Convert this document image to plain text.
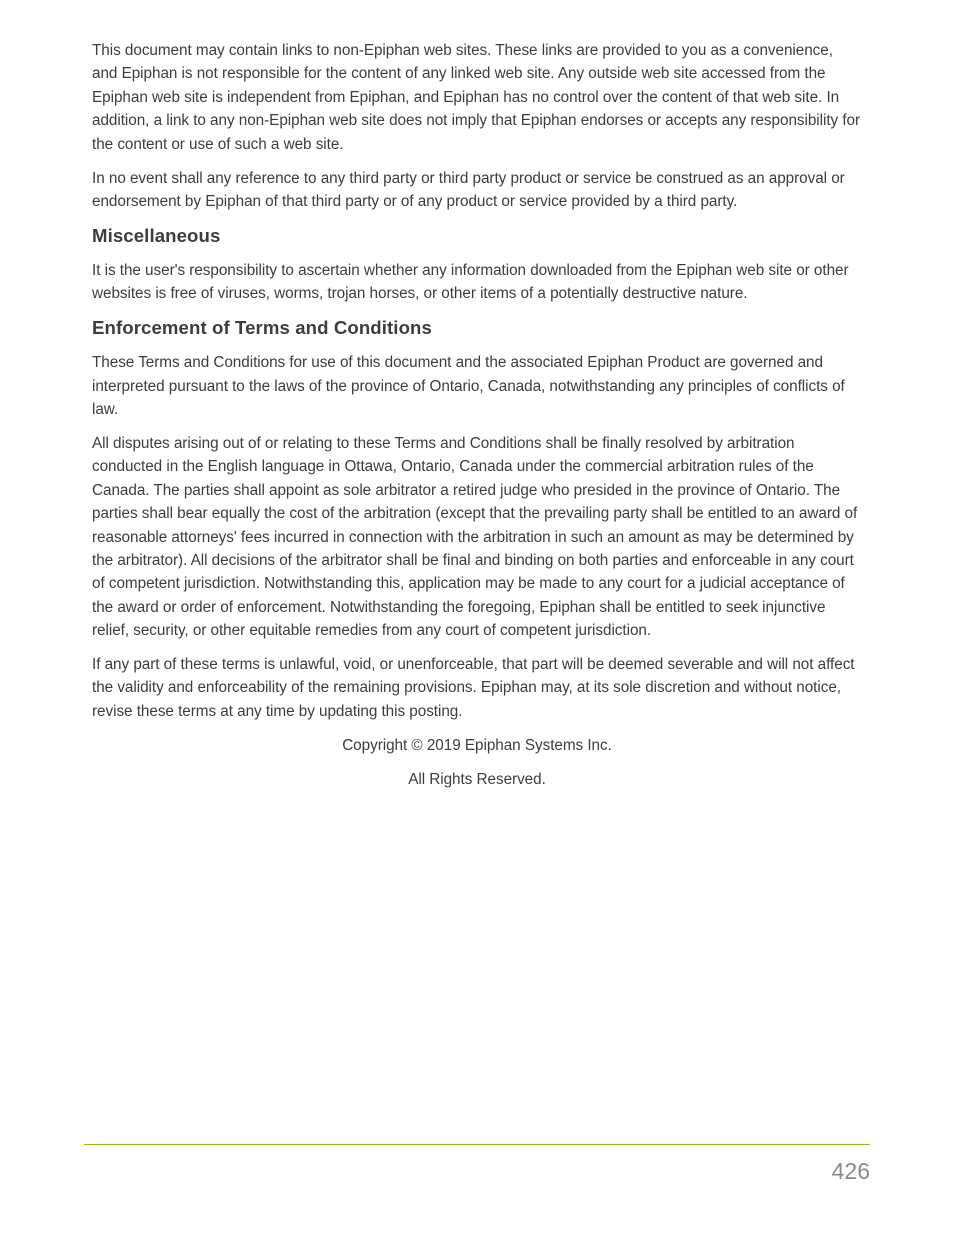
This document may contain links to non-Epiphan web sites. These links are provided to you as a convenience, and Epiphan is not responsible for the content of any linked web site. Any outside web site accessed from the Epiphan web site is independent from Epiphan, and Epiphan has no control over the content of that web site. In addition, a link to any non-Epiphan web site does not imply that Epiphan endorses or accepts any responsibility for the content or use of such a web site.

In no event shall any reference to any third party or third party product or service be construed as an approval or endorsement by Epiphan of that third party or of any product or service provided by a third party.

Miscellaneous

It is the user's responsibility to ascertain whether any information downloaded from the Epiphan web site or other websites is free of viruses, worms, trojan horses, or other items of a potentially destructive nature.

Enforcement of Terms and Conditions

These Terms and Conditions for use of this document and the associated Epiphan Product are governed and interpreted pursuant to the laws of the province of Ontario, Canada, notwithstanding any principles of conflicts of law.

All disputes arising out of or relating to these Terms and Conditions shall be finally resolved by arbitration conducted in the English language in Ottawa, Ontario, Canada under the commercial arbitration rules of the Canada. The parties shall appoint as sole arbitrator a retired judge who presided in the province of Ontario. The parties shall bear equally the cost of the arbitration (except that the prevailing party shall be entitled to an award of reasonable attorneys' fees incurred in connection with the arbitration in such an amount as may be determined by the arbitrator). All decisions of the arbitrator shall be final and binding on both parties and enforceable in any court of competent jurisdiction. Notwithstanding this, application may be made to any court for a judicial acceptance of the award or order of enforcement. Notwithstanding the foregoing, Epiphan shall be entitled to seek injunctive relief, security, or other equitable remedies from any court of competent jurisdiction.

If any part of these terms is unlawful, void, or unenforceable, that part will be deemed severable and will not affect the validity and enforceability of the remaining provisions. Epiphan may, at its sole discretion and without notice, revise these terms at any time by updating this posting.

Copyright © 2019 Epiphan Systems Inc.

All Rights Reserved.

426
